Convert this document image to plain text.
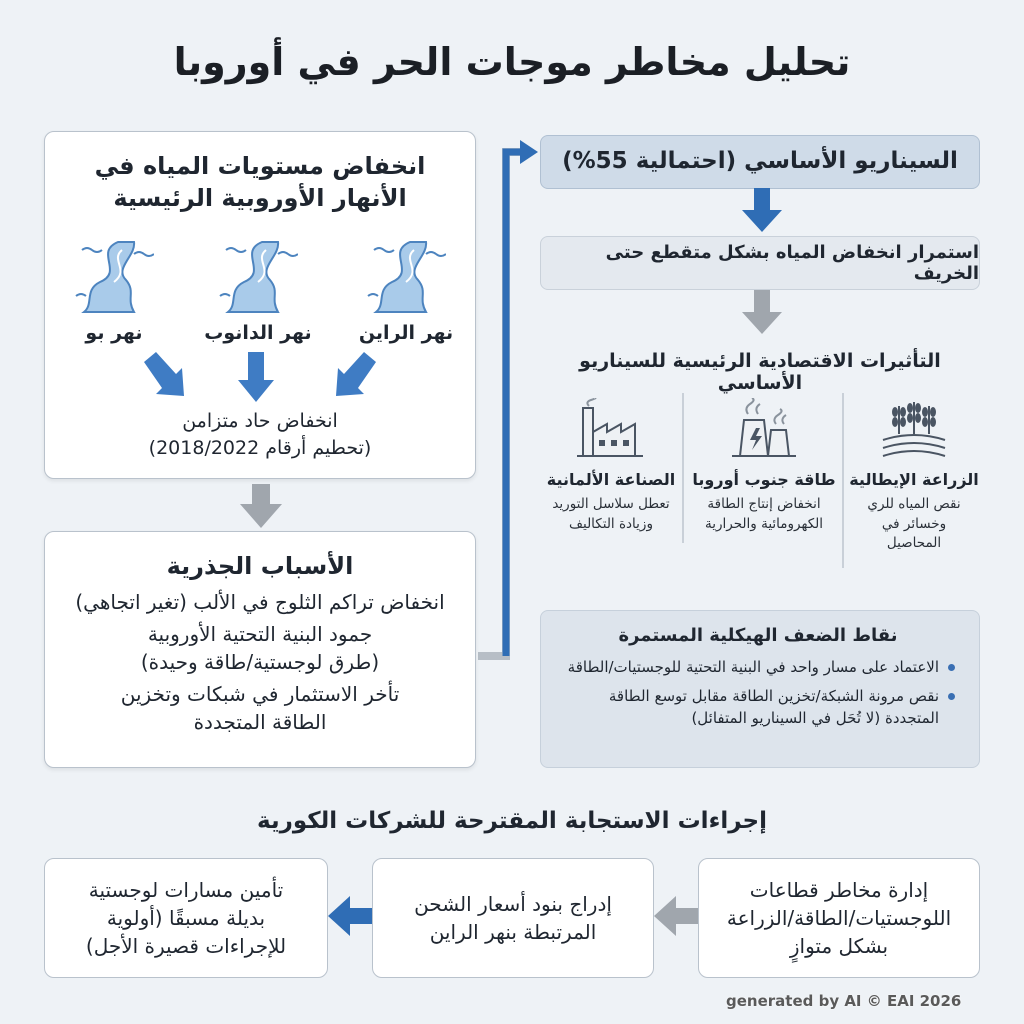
تحليل مخاطر موجات الحر في أوروبا
انخفاض مستويات المياه في
الأنهار الأوروبية الرئيسية
نهر الراين
نهر الدانوب
نهر بو
انخفاض حاد متزامن
(تحطيم أرقام 2018/2022)
الأسباب الجذرية
انخفاض تراكم الثلوج في الألب (تغير اتجاهي)
جمود البنية التحتية الأوروبية
(طرق لوجستية/طاقة وحيدة)
تأخر الاستثمار في شبكات وتخزين
الطاقة المتجددة
السيناريو الأساسي (احتمالية 55%)
استمرار انخفاض المياه بشكل متقطع حتى الخريف
التأثيرات الاقتصادية الرئيسية للسيناريو الأساسي
الزراعة الإيطالية
نقص المياه للري
وخسائر في
المحاصيل
طاقة جنوب أوروبا
انخفاض إنتاج الطاقة
الكهرومائية والحرارية
الصناعة الألمانية
تعطل سلاسل التوريد
وزيادة التكاليف
نقاط الضعف الهيكلية المستمرة
الاعتماد على مسار واحد في البنية التحتية للوجستيات/الطاقة
نقص مرونة الشبكة/تخزين الطاقة مقابل توسع الطاقة
المتجددة (لا تُحَل في السيناريو المتفائل)
إجراءات الاستجابة المقترحة للشركات الكورية
إدارة مخاطر قطاعات
اللوجستيات/الطاقة/الزراعة
بشكل متوازٍ
إدراج بنود أسعار الشحن
المرتبطة بنهر الراين
تأمين مسارات لوجستية
بديلة مسبقًا (أولوية
للإجراءات قصيرة الأجل)
generated by AI © EAI 2026
